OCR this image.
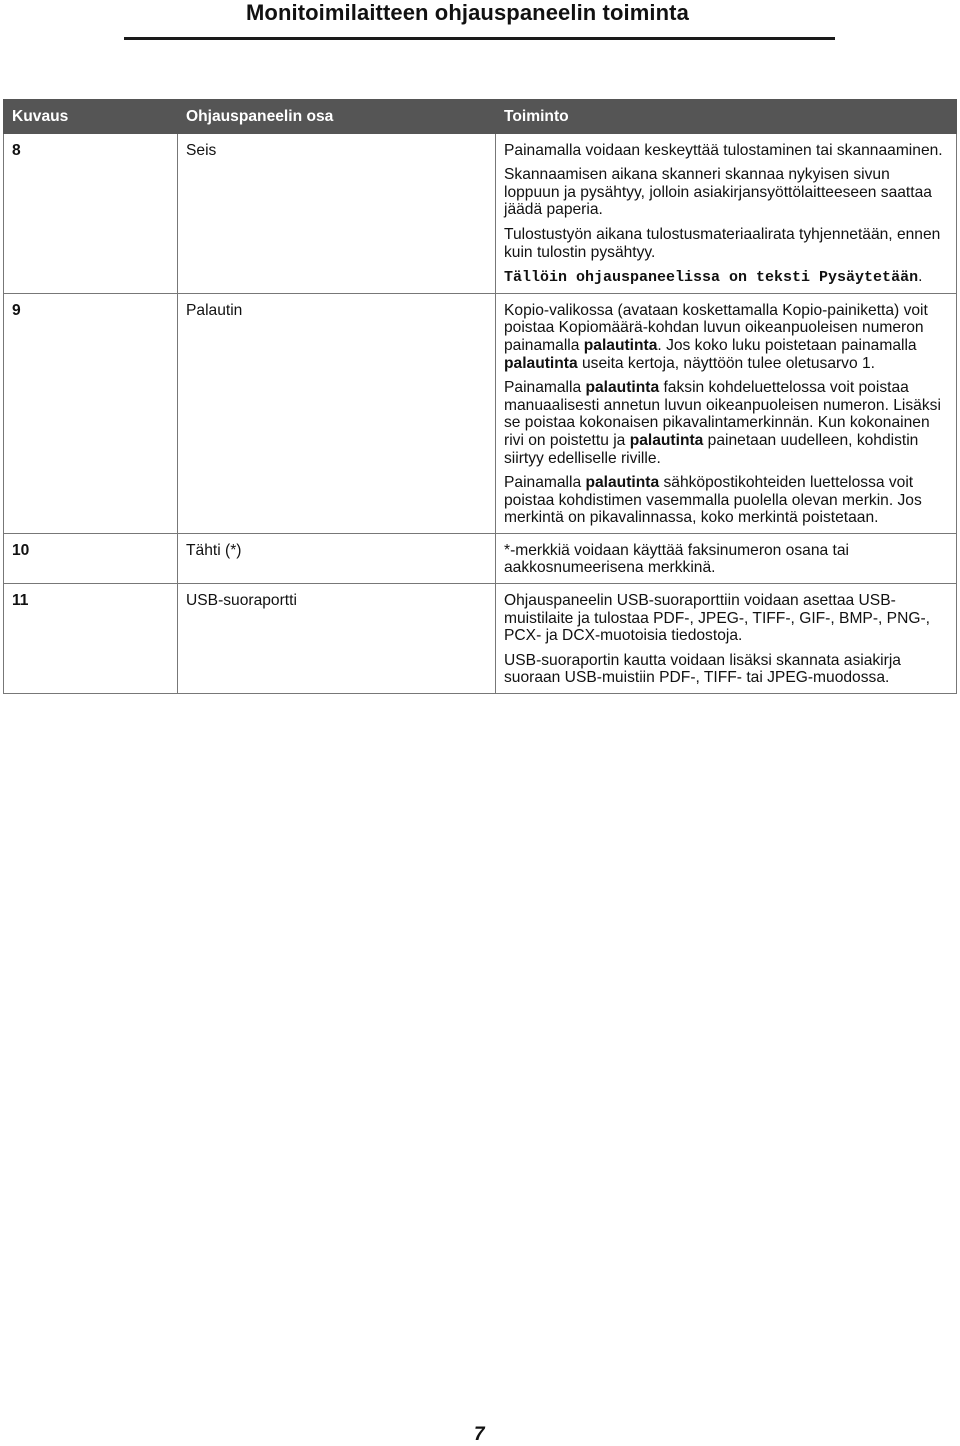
Monitoimilaitteen ohjauspaneelin toiminta
Kuvaus	Ohjauspaneelin osa	Toiminto
8	Seis	Painamalla voidaan keskeyttää tulostaminen tai skannaaminen.

Skannaamisen aikana skanneri skannaa nykyisen sivun loppuun ja pysähtyy, jolloin asiakirjansyöttölaitteeseen saattaa jäädä paperia.

Tulostustyön aikana tulostusmateriaalirata tyhjennetään, ennen kuin tulostin pysähtyy.

Tällöin ohjauspaneelissa on teksti Pysäytetään.

9	Palautin	Kopio-valikossa (avataan koskettamalla Kopio-painiketta) voit poistaa Kopiomäärä-kohdan luvun oikeanpuoleisen numeron painamalla palautinta. Jos koko luku poistetaan painamalla palautinta useita kertoja, näyttöön tulee oletusarvo 1.

Painamalla palautinta faksin kohdeluettelossa voit poistaa manuaalisesti annetun luvun oikeanpuoleisen numeron. Lisäksi se poistaa kokonaisen pikavalintamerkinnän. Kun kokonainen rivi on poistettu ja palautinta painetaan uudelleen, kohdistin siirtyy edelliselle riville.

Painamalla palautinta sähköpostikohteiden luettelossa voit poistaa kohdistimen vasemmalla puolella olevan merkin. Jos merkintä on pikavalinnassa, koko merkintä poistetaan.

10	Tähti (*)	*-merkkiä voidaan käyttää faksinumeron osana tai aakkosnumeerisena merkkinä.

11	USB-suoraportti	Ohjauspaneelin USB-suoraporttiin voidaan asettaa USB-muistilaite ja tulostaa PDF-, JPEG-, TIFF-, GIF-, BMP-, PNG-, PCX- ja DCX-muotoisia tiedostoja.

USB-suoraportin kautta voidaan lisäksi skannata asiakirja suoraan USB-muistiin PDF-, TIFF- tai JPEG-muodossa.

7
